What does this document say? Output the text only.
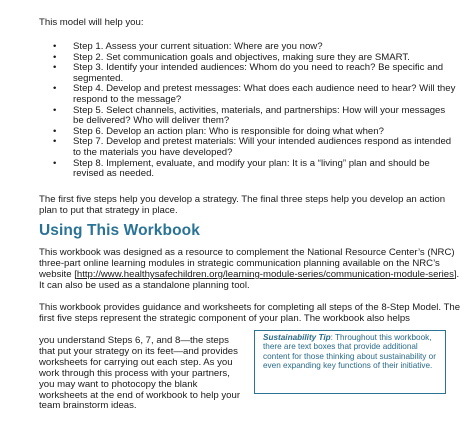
This model will help you:
• Step 1. Assess your current situation: Where are you now?
• Step 2. Set communication goals and objectives, making sure they are SMART.
• Step 3. Identify your intended audiences: Whom do you need to reach? Be specific and segmented.
• Step 4. Develop and pretest messages: What does each audience need to hear? Will they respond to the message?
• Step 5. Select channels, activities, materials, and partnerships: How will your messages be delivered? Who will deliver them?
• Step 6. Develop an action plan: Who is responsible for doing what when?
• Step 7. Develop and pretest materials: Will your intended audiences respond as intended to the materials you have developed?
• Step 8. Implement, evaluate, and modify your plan: It is a “living” plan and should be revised as needed.

The first five steps help you develop a strategy. The final three steps help you develop an action plan to put that strategy in place.

Using This Workbook

This workbook was designed as a resource to complement the National Resource Center’s (NRC) three-part online learning modules in strategic communication planning available on the NRC’s website [http://www.healthysafechildren.org/learning-module-series/communication-module-series]. It can also be used as a standalone planning tool.

This workbook provides guidance and worksheets for completing all steps of the 8-Step Model. The first five steps represent the strategic component of your plan. The workbook also helps

you understand Steps 6, 7, and 8—the steps that put your strategy on its feet—and provides worksheets for carrying out each step. As you work through this process with your partners, you may want to photocopy the blank worksheets at the end of workbook to help your team brainstorm ideas.

Sustainability Tip: Throughout this workbook, there are text boxes that provide additional content for those thinking about sustainability or even expanding key functions of their initiative.
